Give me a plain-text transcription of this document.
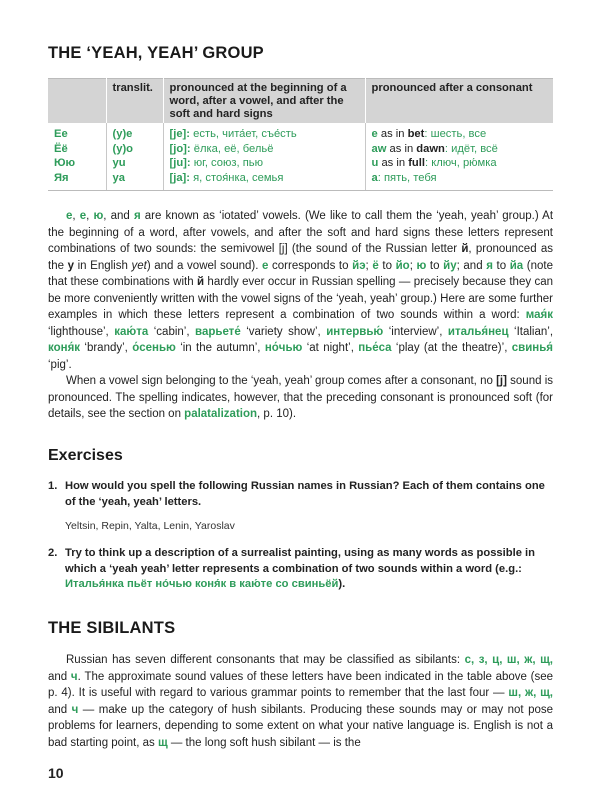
THE ‘YEAH, YEAH’ GROUP
	translit.	pronounced at the beginning of a word, after a vowel, and after the soft and hard signs	pronounced after a consonant
Ее	(y)e	[je]: есть, чита́ет, съе́сть	e as in bet: шесть, все
Ёё	(y)o	[jo]: ёлка, её, бельё	aw as in dawn: идёт, всё
Юю	yu	[ju]: юг, союз, пью	u as in full: ключ, рю́мка
Яя	ya	[ja]: я, стоя́нка, семья	a: пять, тебя

е, е, ю, and я are known as ‘iotated’ vowels. (We like to call them the ‘yeah, yeah’ group.) At the beginning of a word, after vowels, and after the soft and hard signs these letters represent combinations of two sounds: the semivowel [j] (the sound of the Russian letter й, pronounced as the y in English yet) and a vowel sound). е corresponds to йэ; ё to йо; ю to йу; and я to йа (note that these combinations with й hardly ever occur in Russian spelling — precisely because they can be more conveniently written with the vowel signs of the ‘yeah, yeah’ group.) Here are some further examples in which these letters represent a combination of two sounds within a word: мая́к ‘lighthouse’, каю́та ‘cabin’, варьете́ ‘variety show’, интервью́ ‘interview’, италья́нец ‘Italian’, коня́к ‘brandy’, о́сенью ‘in the autumn’, но́чью ‘at night’, пье́са ‘play (at the theatre)’, свинья́ ‘pig’.

When a vowel sign belonging to the ‘yeah, yeah’ group comes after a consonant, no [j] sound is pronounced. The spelling indicates, however, that the preceding consonant is pronounced soft (for details, see the section on palatalization, p. 10).

Exercises
1. How would you spell the following Russian names in Russian? Each of them contains one of the ‘yeah, yeah’ letters.

Yeltsin, Repin, Yalta, Lenin, Yaroslav

2. Try to think up a description of a surrealist painting, using as many words as possible in which a ‘yeah yeah’ letter represents a combination of two sounds within a word (e.g.: Италья́нка пьёт но́чью коня́к в каю́те со свиньёй).
THE SIBILANTS

Russian has seven different consonants that may be classified as sibilants: с, з, ц, ш, ж, щ, and ч. The approximate sound values of these letters have been indicated in the table above (see p. 4). It is useful with regard to various grammar points to remember that the last four — ш, ж, щ, and ч — make up the category of hush sibilants. Producing these sounds may or may not pose problems for learners, depending to some extent on what your native language is. English is not a bad starting point, as щ — the long soft hush sibilant — is the

10
